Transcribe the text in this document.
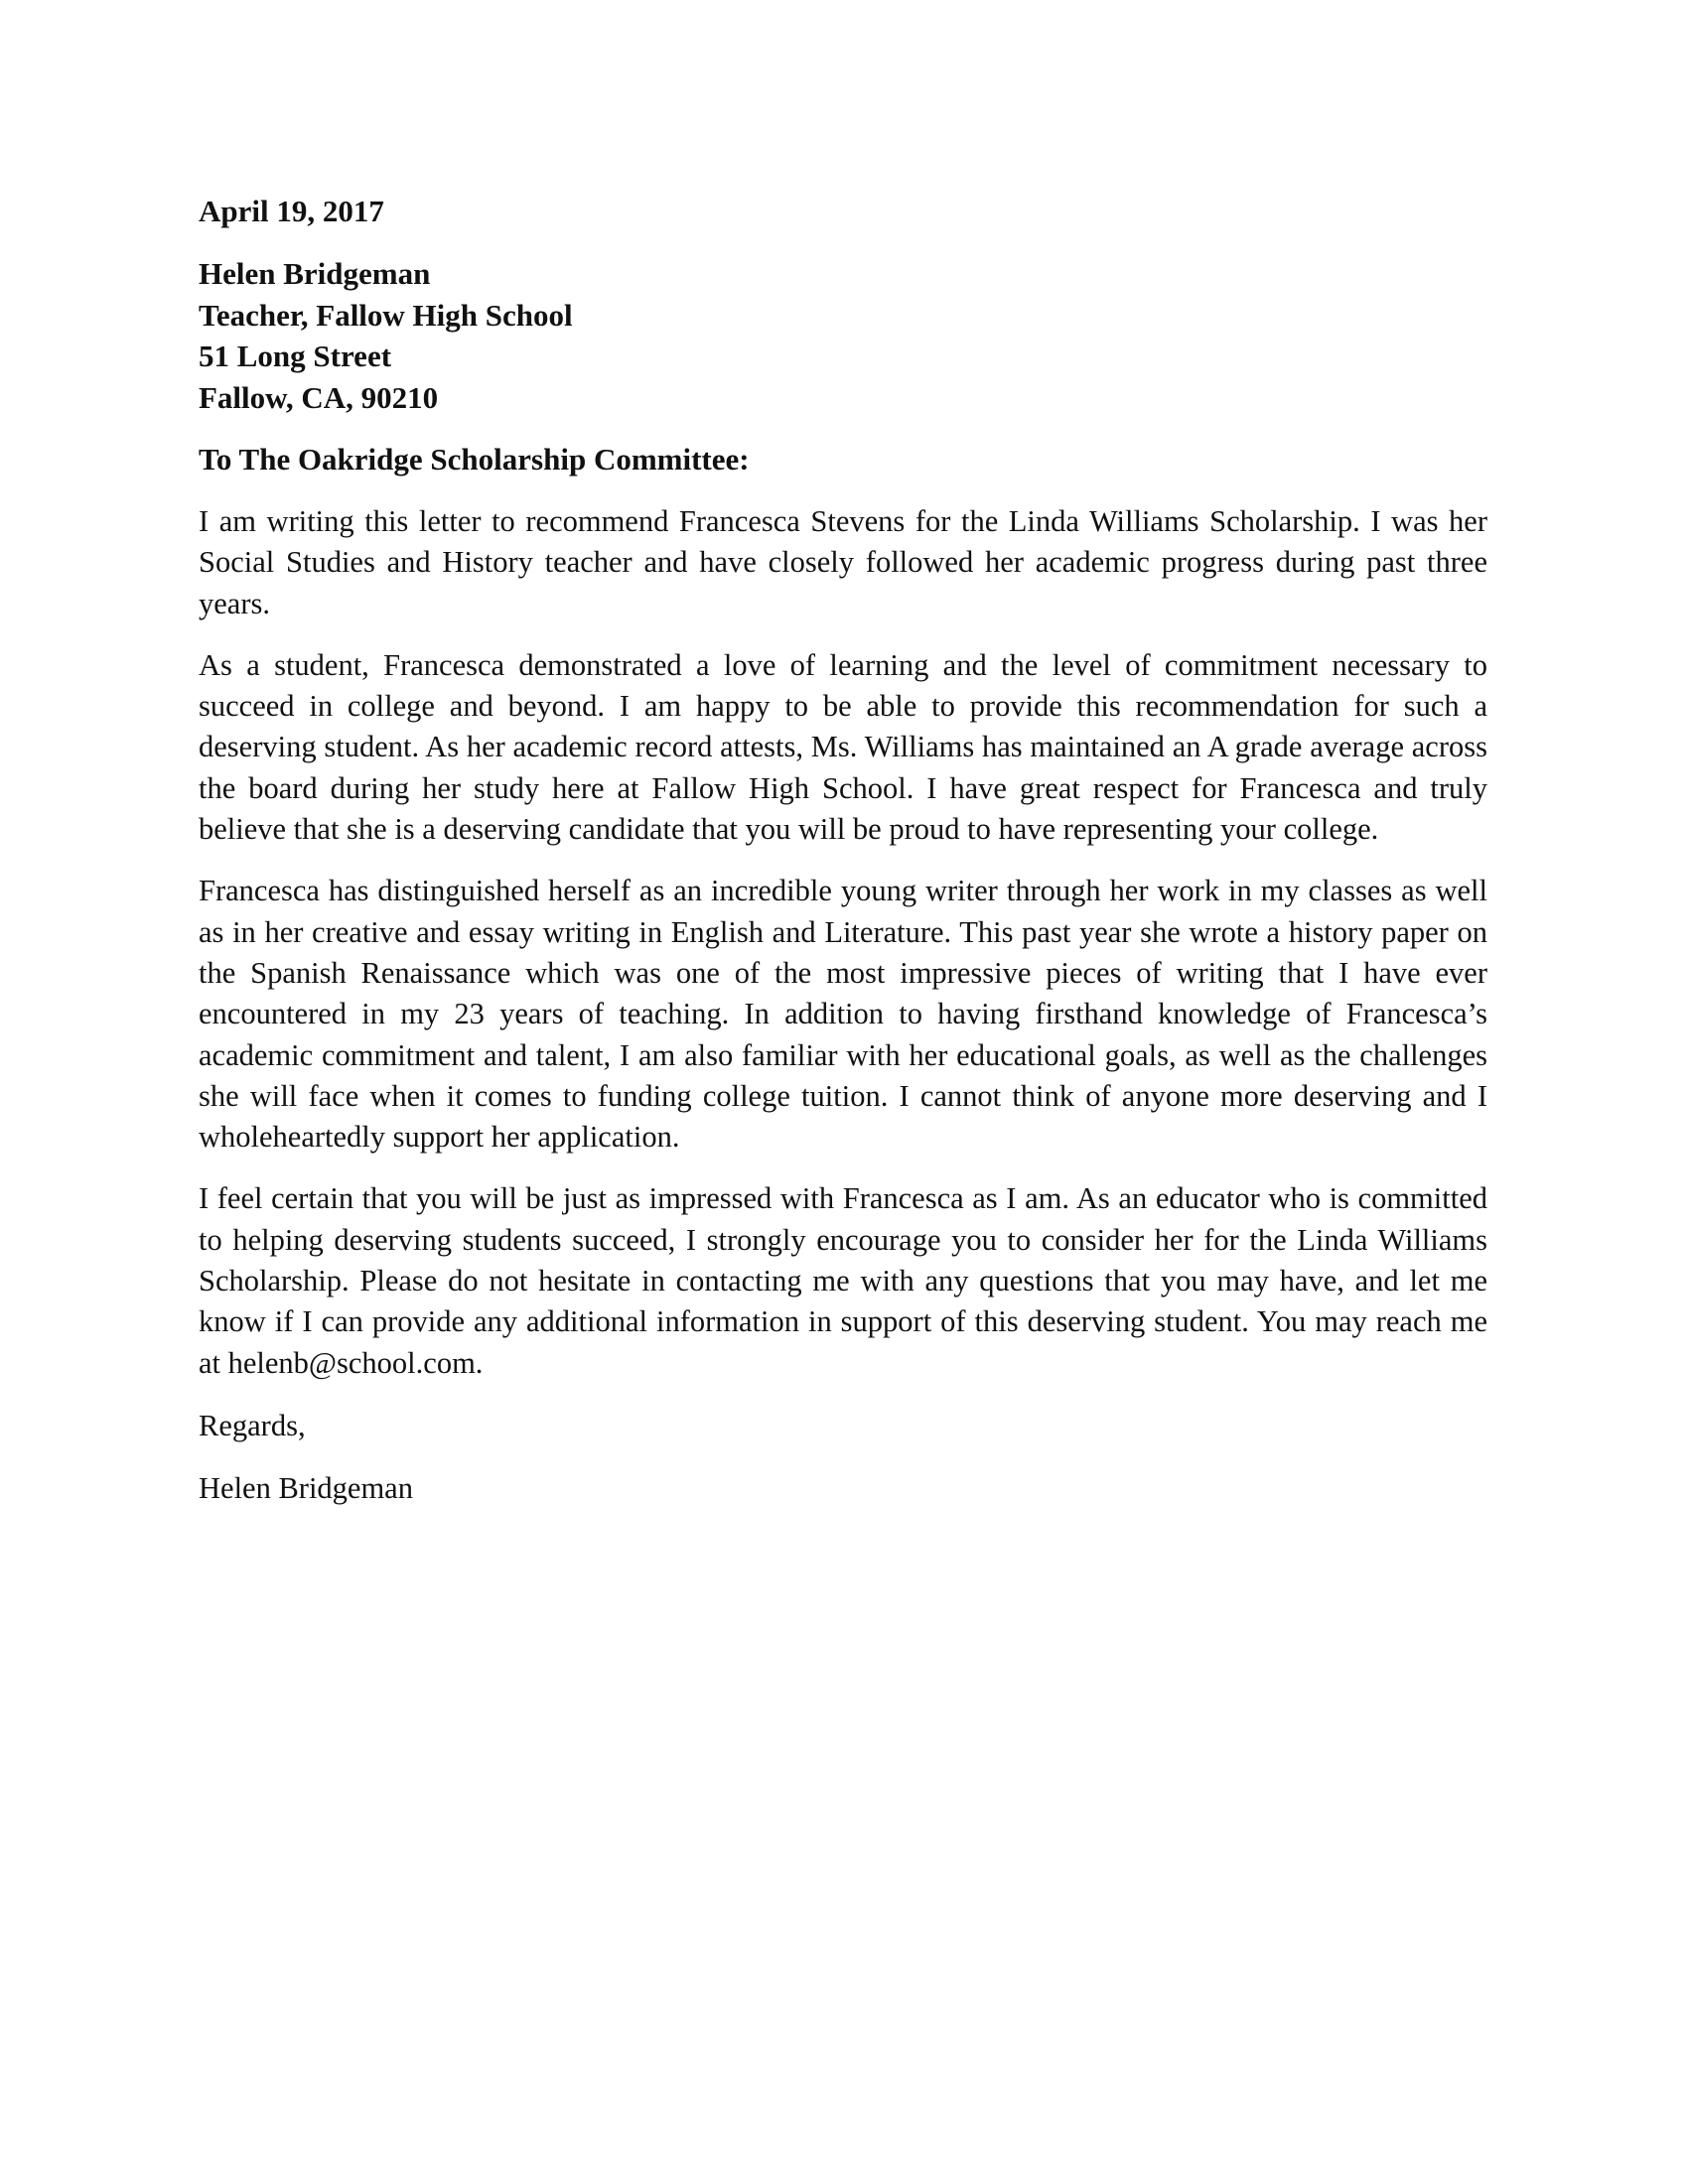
April 19, 2017
Helen Bridgeman
Teacher, Fallow High School
51 Long Street
Fallow, CA, 90210
To The Oakridge Scholarship Committee:

I am writing this letter to recommend Francesca Stevens for the Linda Williams Scholarship. I was her Social Studies and History teacher and have closely followed her academic progress during past three years.

As a student, Francesca demonstrated a love of learning and the level of commitment necessary to succeed in college and beyond. I am happy to be able to provide this recommendation for such a deserving student. As her academic record attests, Ms. Williams has maintained an A grade average across the board during her study here at Fallow High School. I have great respect for Francesca and truly believe that she is a deserving candidate that you will be proud to have representing your college.

Francesca has distinguished herself as an incredible young writer through her work in my classes as well as in her creative and essay writing in English and Literature. This past year she wrote a history paper on the Spanish Renaissance which was one of the most impressive pieces of writing that I have ever encountered in my 23 years of teaching. In addition to having firsthand knowledge of Francesca’s academic commitment and talent, I am also familiar with her educational goals, as well as the challenges she will face when it comes to funding college tuition. I cannot think of anyone more deserving and I wholeheartedly support her application.

I feel certain that you will be just as impressed with Francesca as I am. As an educator who is committed to helping deserving students succeed, I strongly encourage you to consider her for the Linda Williams Scholarship. Please do not hesitate in contacting me with any questions that you may have, and let me know if I can provide any additional information in support of this deserving student. You may reach me at helenb@school.com.

Regards,
Helen Bridgeman
